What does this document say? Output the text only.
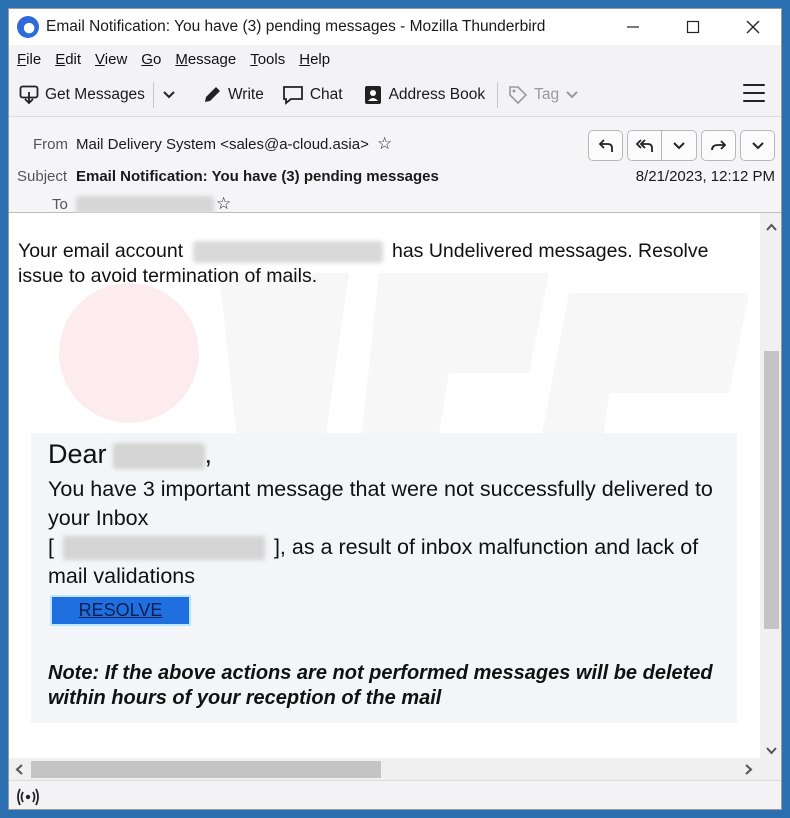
Email Notification: You have (3) pending messages - Mozilla Thunderbird
File Edit View Go Message Tools Help
Get Messages	Write	Chat	Address Book	Tag
From Mail Delivery System <sales@a-cloud.asia> ☆
Subject Email Notification: You have (3) pending messages
To	☆
8/21/2023, 12:12 PM
Your email account	has Undelivered messages. Resolve issue to avoid termination of mails.
Dear	,
You have 3 important message that were not successfully delivered to your Inbox
[	], as a result of inbox malfunction and lack of mail validations
RESOLVE
Note: If the above actions are not performed messages will be deleted within hours of your reception of the mail
